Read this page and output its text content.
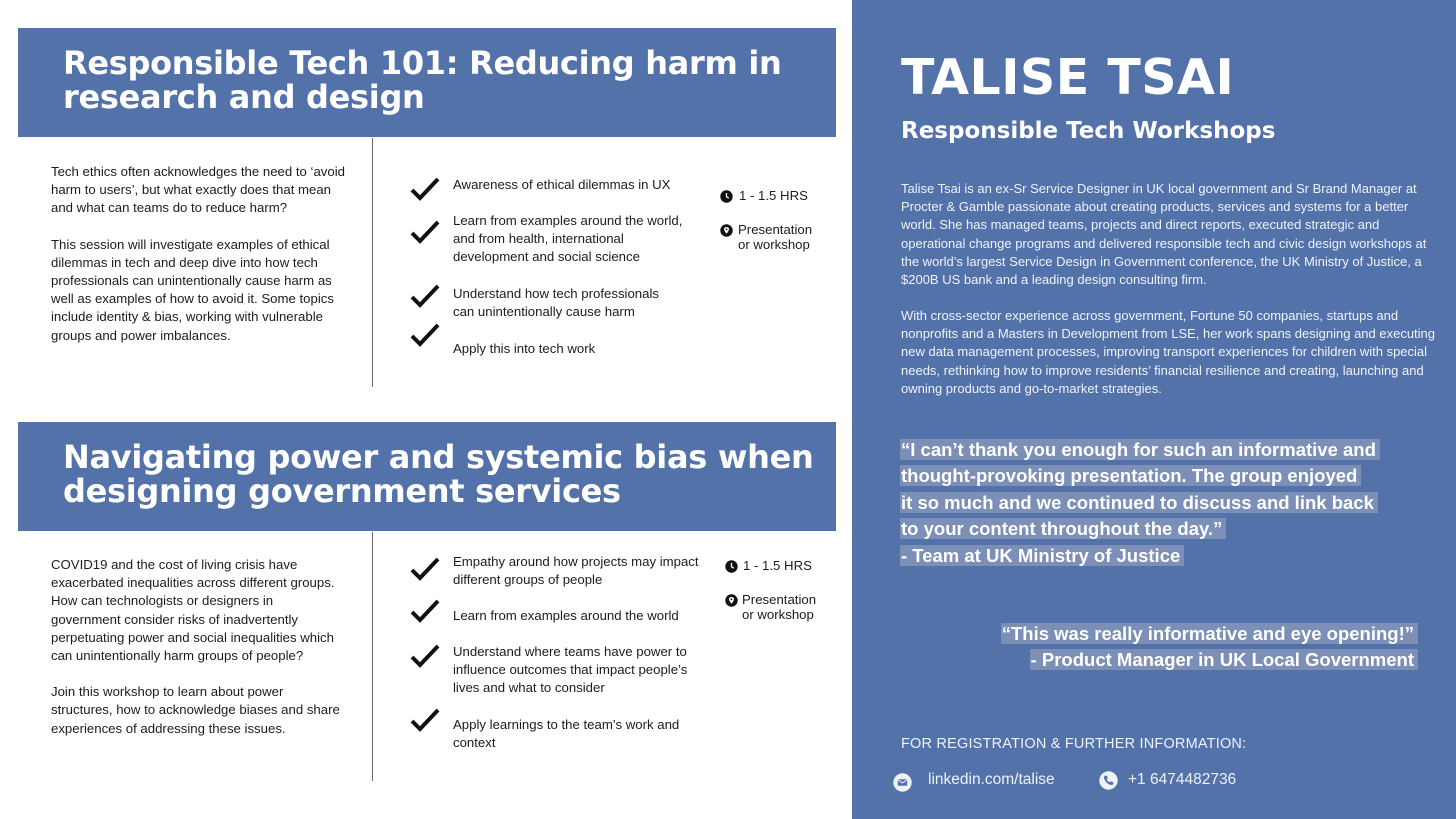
Responsible Tech 101: Reducing harm in
research and design

Tech ethics often acknowledges the need to ‘avoid harm to users’, but what exactly does that mean and what can teams do to reduce harm?

This session will investigate examples of ethical dilemmas in tech and deep dive into how tech professionals can unintentionally cause harm as well as examples of how to avoid it. Some topics include identity & bias, working with vulnerable groups and power imbalances.

Awareness of ethical dilemmas in UX
Learn from examples around the world, and from health, international development and social science
Understand how tech professionals can unintentionally cause harm
Apply this into tech work
1 - 1.5 HRS
Presentation or workshop
Navigating power and systemic bias when
designing government services

COVID19 and the cost of living crisis have exacerbated inequalities across different groups. How can technologists or designers in government consider risks of inadvertently perpetuating power and social inequalities which can unintentionally harm groups of people?

Join this workshop to learn about power structures, how to acknowledge biases and share experiences of addressing these issues.

Empathy around how projects may impact different groups of people
Learn from examples around the world
Understand where teams have power to influence outcomes that impact people’s lives and what to consider
Apply learnings to the team’s work and context
1 - 1.5 HRS
Presentation or workshop
TALISE TSAI
Responsible Tech Workshops
Talise Tsai is an ex-Sr Service Designer in UK local government and Sr Brand Manager at Procter & Gamble passionate about creating products, services and systems for a better world. She has managed teams, projects and direct reports, executed strategic and operational change programs and delivered responsible tech and civic design workshops at the world’s largest Service Design in Government conference, the UK Ministry of Justice, a $200B US bank and a leading design consulting firm.
With cross-sector experience across government, Fortune 50 companies, startups and nonprofits and a Masters in Development from LSE, her work spans designing and executing new data management processes, improving transport experiences for children with special needs, rethinking how to improve residents’ financial resilience and creating, launching and owning products and go-to-market strategies.
“I can’t thank you enough for such an informative and
thought-provoking presentation. The group enjoyed
it so much and we continued to discuss and link back
to your content throughout the day.”
- Team at UK Ministry of Justice
“This was really informative and eye opening!”
- Product Manager in UK Local Government
FOR REGISTRATION & FURTHER INFORMATION:
linkedin.com/talise	+1 6474482736
